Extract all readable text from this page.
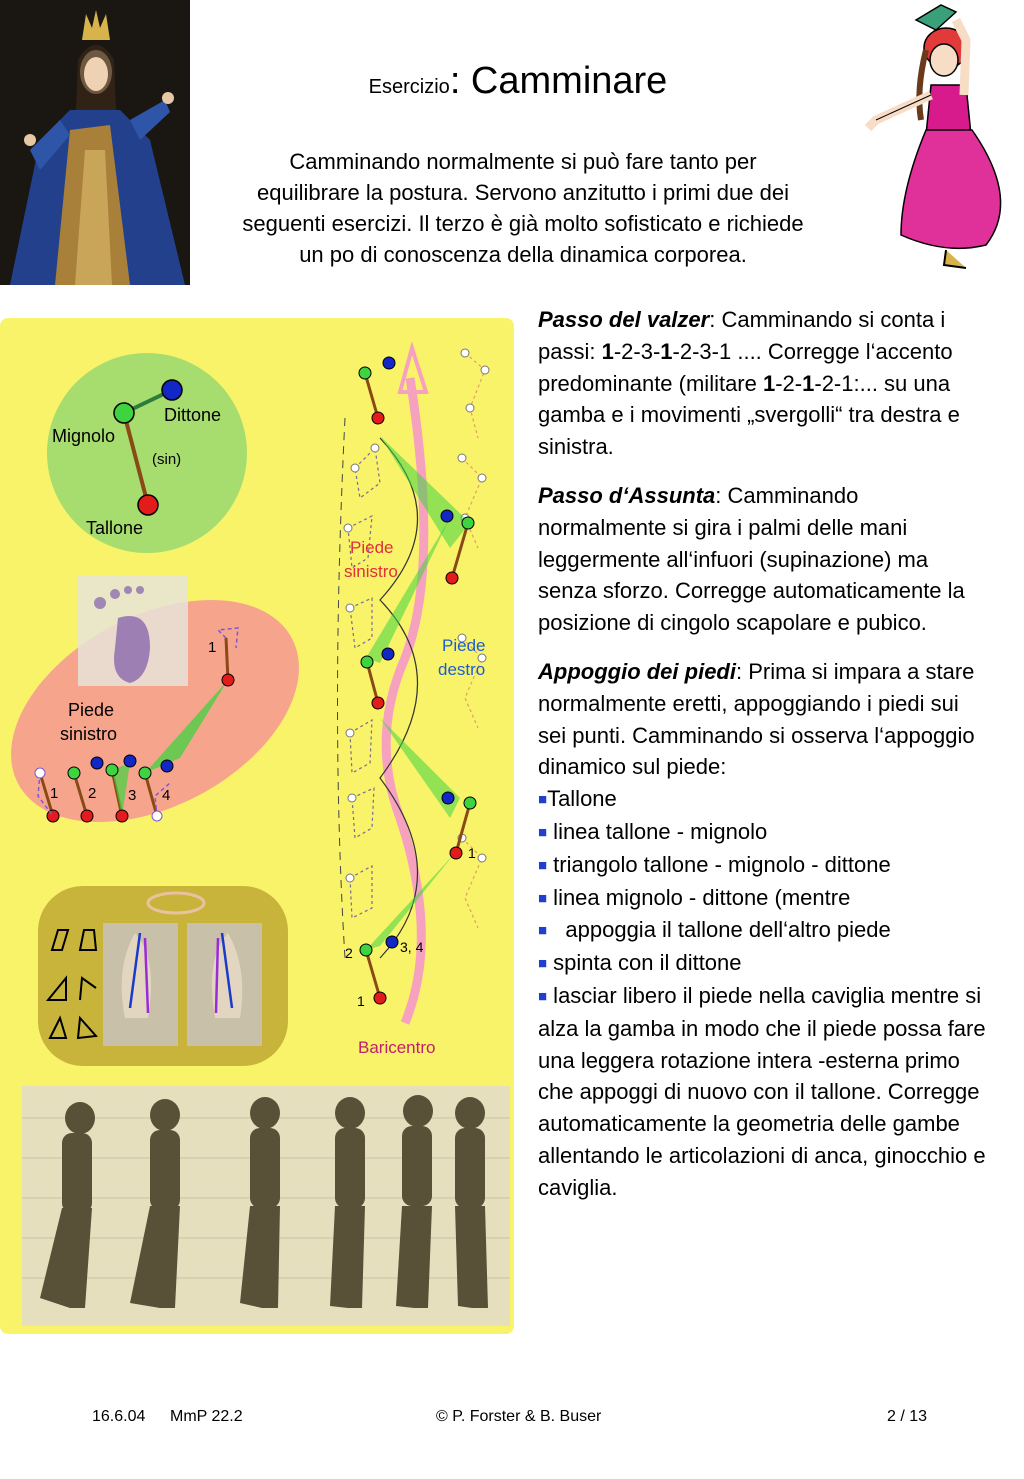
Esercizio: Camminare
Camminando normalmente si può fare tanto per equilibrare la postura. Servono anzitutto i primi due dei seguenti esercizi. Il terzo è già molto sofisticato e richiede un po di conoscenza della dinamica corporea.
Dittone
Mignolo
(sin)
Tallone
Piede
sinistro
1 2 3 4
1
Piede
sinistro
Piede
destro
1
2	3, 4
1
Baricentro

Passo del valzer: Camminando si conta i passi: 1-2-3-1-2-3-1 .... Corregge l‘accento predominante (militare 1-2-1-2-1:... su una gamba e i movimenti „svergolli“ tra destra e sinistra.

Passo d‘Assunta: Camminando normalmente si gira i palmi delle mani leggermente all‘infuori (supinazione) ma senza sforzo. Corregge automaticamente la posizione di cingolo scapolare e pubico.

Appoggio dei piedi: Prima si impara a stare normalmente eretti, appoggiando i piedi sui sei punti. Camminando si osserva l‘appoggio dinamico sul piede:

■Tallone
■ linea tallone - mignolo
■ triangolo tallone - mignolo - dittone
■ linea mignolo - dittone (mentre
■   appoggia il tallone dell‘altro piede
■ spinta con il dittone
■ lasciar libero il piede nella caviglia mentre si alza la gamba in modo che il piede possa fare una leggera rotazione intera -esterna primo che appoggi di nuovo con il tallone. Corregge automaticamente la geometria delle gambe allentando le articolazioni di anca, ginocchio e caviglia.
16.6.04 MmP 22.2	© P. Forster & B. Buser	2 / 13
